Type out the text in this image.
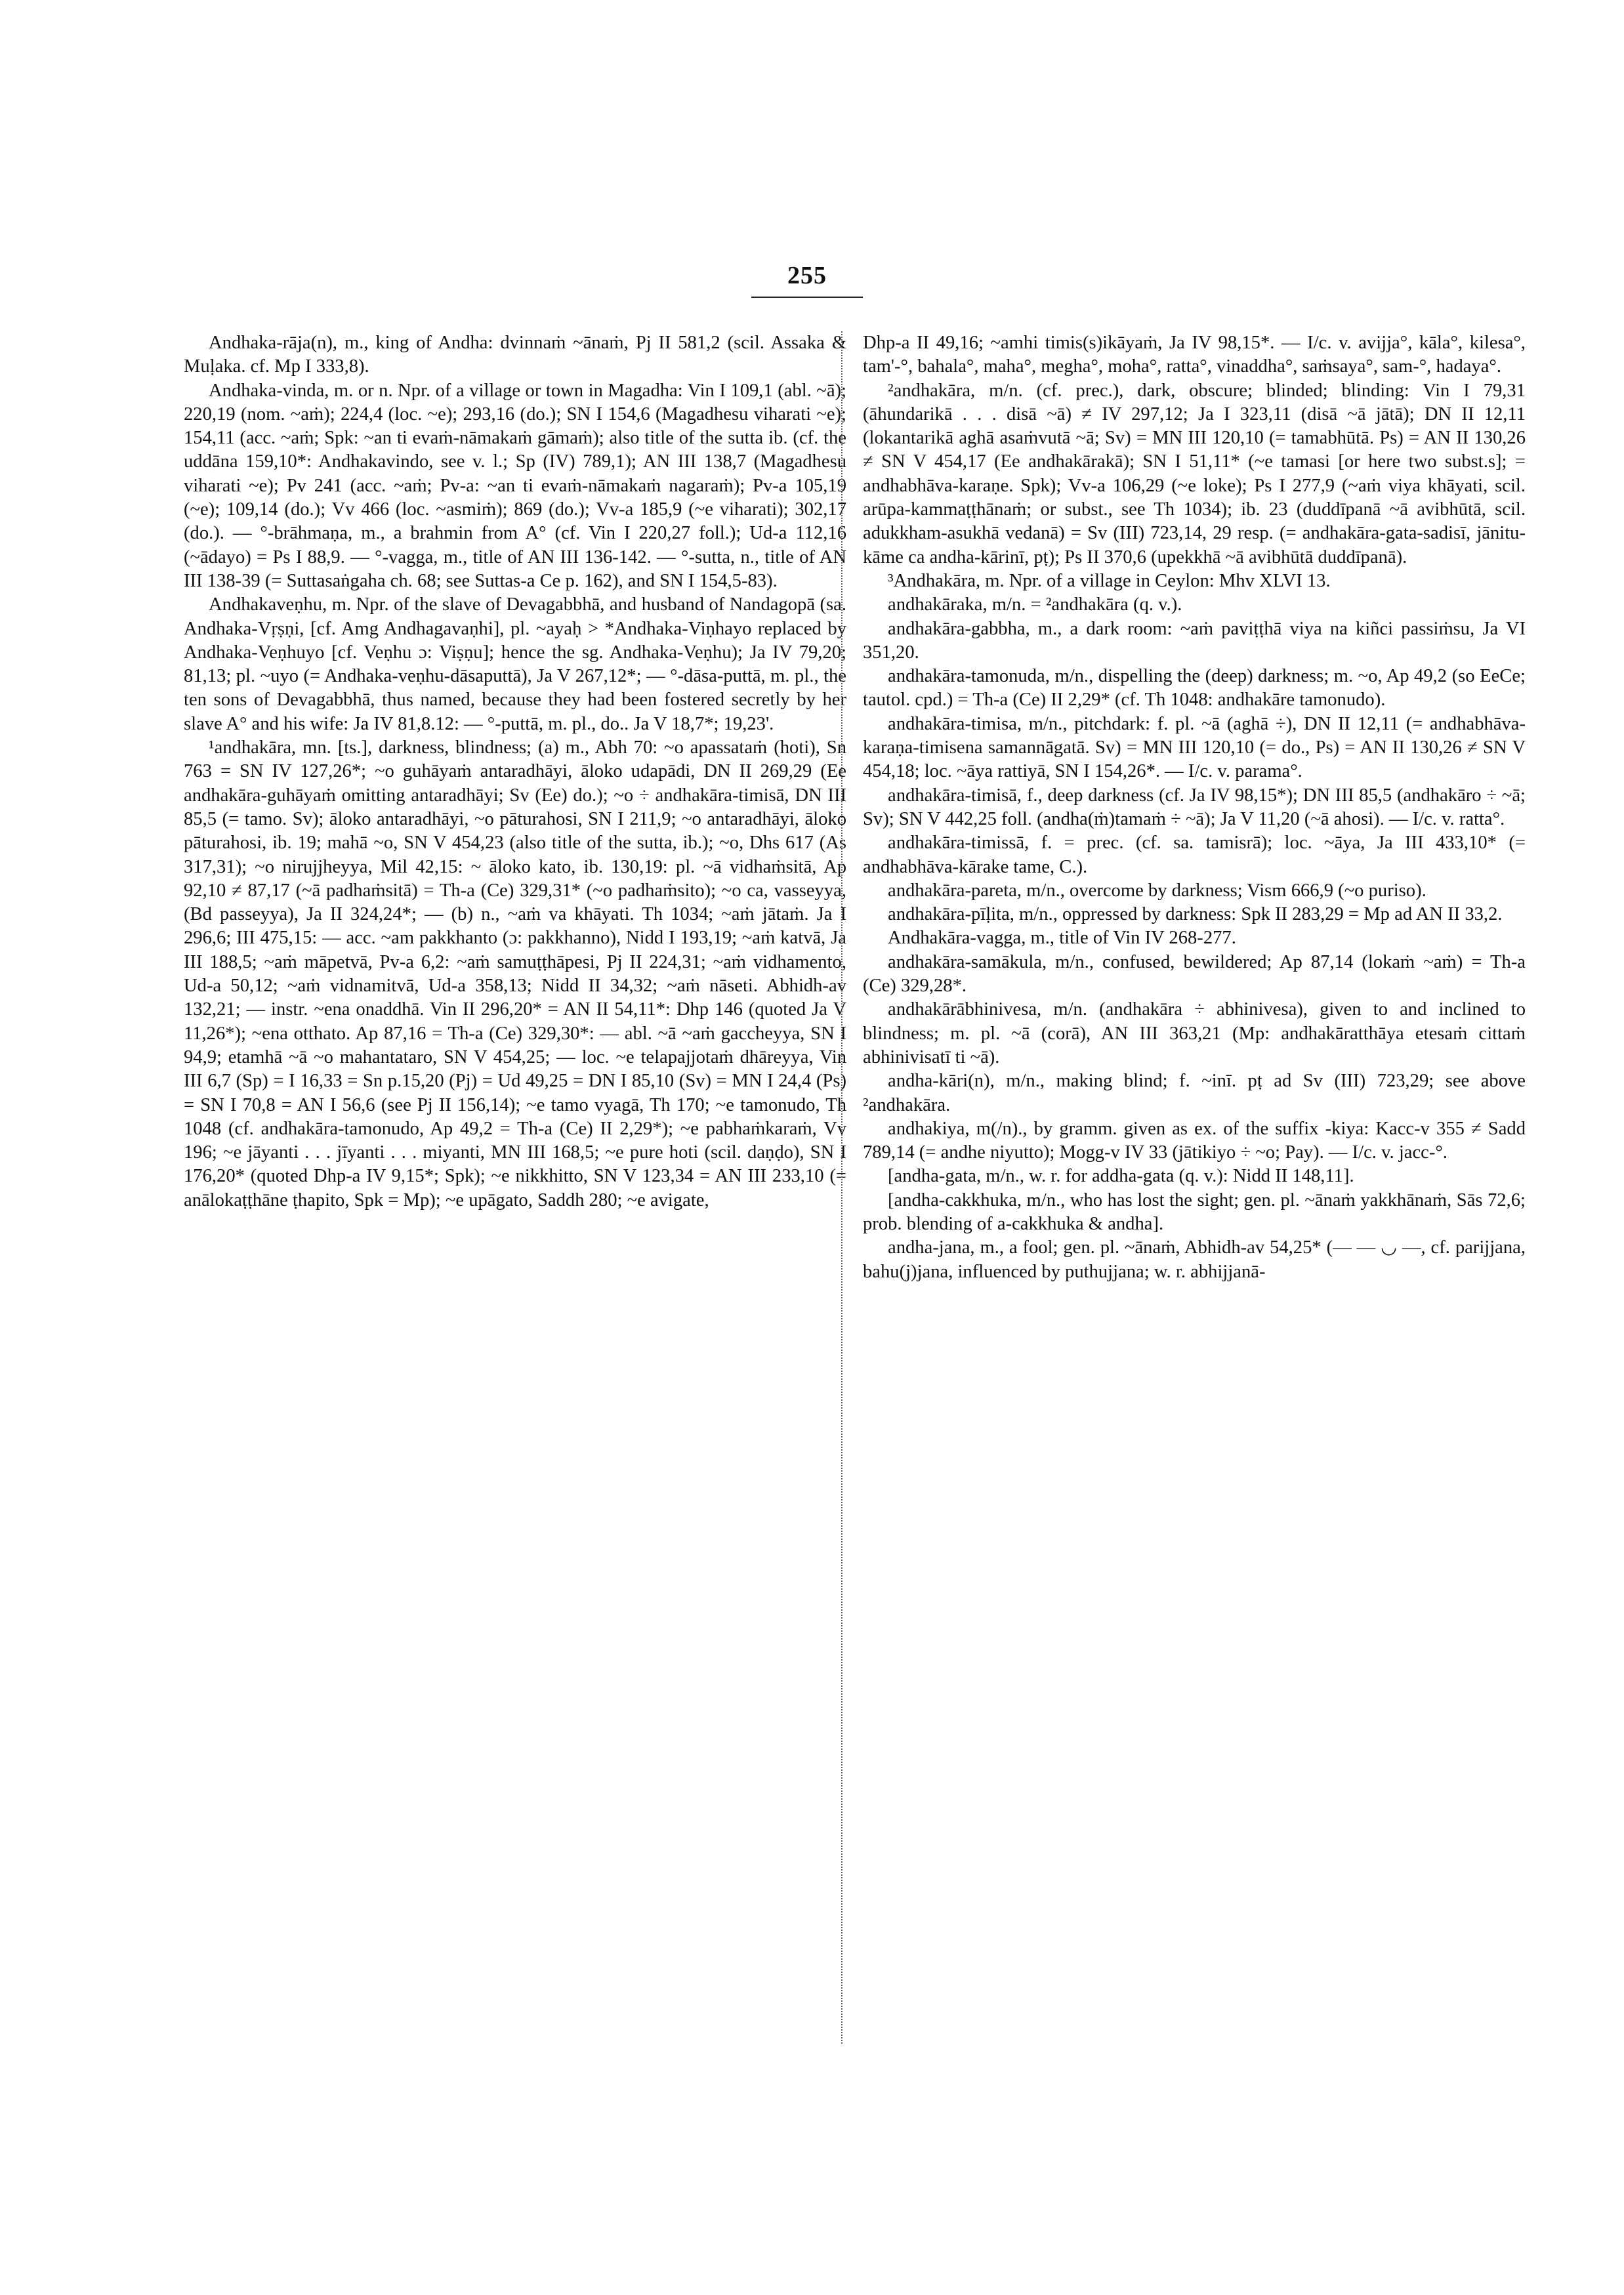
255

Andhaka-rāja(n), m., king of Andha: dvinnaṁ ~ānaṁ, Pj II 581,2 (scil. Assaka & Muḷaka. cf. Mp I 333,8).

Andhaka-vinda, m. or n. Npr. of a village or town in Magadha: Vin I 109,1 (abl. ~ā); 220,19 (nom. ~aṁ); 224,4 (loc. ~e); 293,16 (do.); SN I 154,6 (Magadhesu viharati ~e); 154,11 (acc. ~aṁ; Spk: ~an ti evaṁ-nāmakaṁ gāmaṁ); also title of the sutta ib. (cf. the uddāna 159,10*: Andhakavindo, see v. l.; Sp (IV) 789,1); AN III 138,7 (Magadhesu viharati ~e); Pv 241 (acc. ~aṁ; Pv-a: ~an ti evaṁ-nāmakaṁ nagaraṁ); Pv-a 105,19 (~e); 109,14 (do.); Vv 466 (loc. ~asmiṁ); 869 (do.); Vv-a 185,9 (~e viharati); 302,17 (do.). — °-brāhmaṇa, m., a brahmin from A° (cf. Vin I 220,27 foll.); Ud-a 112,16 (~ādayo) = Ps I 88,9. — °-vagga, m., title of AN III 136-142. — °-sutta, n., title of AN III 138-39 (= Suttasaṅgaha ch. 68; see Suttas-a Ce p. 162), and SN I 154,5-83).

Andhakaveṇhu, m. Npr. of the slave of Devagabbhā, and husband of Nandagopā (sa. Andhaka-Vṛṣṇi, [cf. Amg Andhagavaṇhi], pl. ~ayaḥ > *Andhaka-Viṇhayo replaced by Andhaka-Veṇhuyo [cf. Veṇhu ɔ: Viṣṇu]; hence the sg. Andhaka-Veṇhu); Ja IV 79,20; 81,13; pl. ~uyo (= Andhaka-veṇhu-dāsaputtā), Ja V 267,12*; — °-dāsa-puttā, m. pl., the ten sons of Devagabbhā, thus named, because they had been fostered secretly by her slave A° and his wife: Ja IV 81,8.12: — °-puttā, m. pl., do.. Ja V 18,7*; 19,23'.

¹andhakāra, mn. [ts.], darkness, blindness; (a) m., Abh 70: ~o apassataṁ (hoti), Sn 763 = SN IV 127,26*; ~o guhāyaṁ antaradhāyi, āloko udapādi, DN II 269,29 (Ee andhakāra-guhāyaṁ omitting antaradhāyi; Sv (Ee) do.); ~o ÷ andhakāra-timisā, DN III 85,5 (= tamo. Sv); āloko antaradhāyi, ~o pāturahosi, SN I 211,9; ~o antaradhāyi, āloko pāturahosi, ib. 19; mahā ~o, SN V 454,23 (also title of the sutta, ib.); ~o, Dhs 617 (As 317,31); ~o nirujjheyya, Mil 42,15: ~ āloko kato, ib. 130,19: pl. ~ā vidhaṁsitā, Ap 92,10 ≠ 87,17 (~ā padhaṁsitā) = Th-a (Ce) 329,31* (~o padhaṁsito); ~o ca, vasseyya, (Bd passeyya), Ja II 324,24*; — (b) n., ~aṁ va khāyati. Th 1034; ~aṁ jātaṁ. Ja I 296,6; III 475,15: — acc. ~am pakkhanto (ɔ: pakkhanno), Nidd I 193,19; ~aṁ katvā, Ja III 188,5; ~aṁ māpetvā, Pv-a 6,2: ~aṁ samuṭṭhāpesi, Pj II 224,31; ~aṁ vidhamento, Ud-a 50,12; ~aṁ vidnamitvā, Ud-a 358,13; Nidd II 34,32; ~aṁ nāseti. Abhidh-av 132,21; — instr. ~ena onaddhā. Vin II 296,20* = AN II 54,11*: Dhp 146 (quoted Ja V 11,26*); ~ena otthato. Ap 87,16 = Th-a (Ce) 329,30*: — abl. ~ā ~aṁ gaccheyya, SN I 94,9; etamhā ~ā ~o mahantataro, SN V 454,25; — loc. ~e telapajjotaṁ dhāreyya, Vin III 6,7 (Sp) = I 16,33 = Sn p.15,20 (Pj) = Ud 49,25 = DN I 85,10 (Sv) = MN I 24,4 (Ps) = SN I 70,8 = AN I 56,6 (see Pj II 156,14); ~e tamo vyagā, Th 170; ~e tamonudo, Th 1048 (cf. andhakāra-tamonudo, Ap 49,2 = Th-a (Ce) II 2,29*); ~e pabhaṁkaraṁ, Vv 196; ~e jāyanti . . . jīyanti . . . miyanti, MN III 168,5; ~e pure hoti (scil. daṇḍo), SN I 176,20* (quoted Dhp-a IV 9,15*; Spk); ~e nikkhitto, SN V 123,34 = AN III 233,10 (= anālokaṭṭhāne ṭhapito, Spk = Mp); ~e upāgato, Saddh 280; ~e avigate,

Dhp-a II 49,16; ~amhi timis(s)ikāyaṁ, Ja IV 98,15*. — I/c. v. avijja°, kāla°, kilesa°, tam'-°, bahala°, maha°, megha°, moha°, ratta°, vinaddha°, saṁsaya°, sam-°, hadaya°.

²andhakāra, m/n. (cf. prec.), dark, obscure; blinded; blinding: Vin I 79,31 (āhundarikā . . . disā ~ā) ≠ IV 297,12; Ja I 323,11 (disā ~ā jātā); DN II 12,11 (lokantarikā aghā asaṁvutā ~ā; Sv) = MN III 120,10 (= tamabhūtā. Ps) = AN II 130,26 ≠ SN V 454,17 (Ee andhakārakā); SN I 51,11* (~e tamasi [or here two subst.s]; = andhabhāva-karaṇe. Spk); Vv-a 106,29 (~e loke); Ps I 277,9 (~aṁ viya khāyati, scil. arūpa-kammaṭṭhānaṁ; or subst., see Th 1034); ib. 23 (duddīpanā ~ā avibhūtā, scil. adukkham-asukhā vedanā) = Sv (III) 723,14, 29 resp. (= andhakāra-gata-sadisī, jānitu-kāme ca andha-kārinī, pṭ); Ps II 370,6 (upekkhā ~ā avibhūtā duddīpanā).

³Andhakāra, m. Npr. of a village in Ceylon: Mhv XLVI 13.

andhakāraka, m/n. = ²andhakāra (q. v.).

andhakāra-gabbha, m., a dark room: ~aṁ paviṭṭhā viya na kiñci passiṁsu, Ja VI 351,20.

andhakāra-tamonuda, m/n., dispelling the (deep) darkness; m. ~o, Ap 49,2 (so EeCe; tautol. cpd.) = Th-a (Ce) II 2,29* (cf. Th 1048: andhakāre tamonudo).

andhakāra-timisa, m/n., pitchdark: f. pl. ~ā (aghā ÷), DN II 12,11 (= andhabhāva-karaṇa-timisena samannāgatā. Sv) = MN III 120,10 (= do., Ps) = AN II 130,26 ≠ SN V 454,18; loc. ~āya rattiyā, SN I 154,26*. — I/c. v. parama°.

andhakāra-timisā, f., deep darkness (cf. Ja IV 98,15*); DN III 85,5 (andhakāro ÷ ~ā; Sv); SN V 442,25 foll. (andha(ṁ)tamaṁ ÷ ~ā); Ja V 11,20 (~ā ahosi). — I/c. v. ratta°.

andhakāra-timissā, f. = prec. (cf. sa. tamisrā); loc. ~āya, Ja III 433,10* (= andhabhāva-kārake tame, C.).

andhakāra-pareta, m/n., overcome by darkness; Vism 666,9 (~o puriso).

andhakāra-pīḷita, m/n., oppressed by darkness: Spk II 283,29 = Mp ad AN II 33,2.

Andhakāra-vagga, m., title of Vin IV 268-277.

andhakāra-samākula, m/n., confused, bewildered; Ap 87,14 (lokaṁ ~aṁ) = Th-a (Ce) 329,28*.

andhakārābhinivesa, m/n. (andhakāra ÷ abhinivesa), given to and inclined to blindness; m. pl. ~ā (corā), AN III 363,21 (Mp: andhakāratthāya etesaṁ cittaṁ abhinivisatī ti ~ā).

andha-kāri(n), m/n., making blind; f. ~inī. pṭ ad Sv (III) 723,29; see above ²andhakāra.

andhakiya, m(/n)., by gramm. given as ex. of the suffix -kiya: Kacc-v 355 ≠ Sadd 789,14 (= andhe niyutto); Mogg-v IV 33 (jātikiyo ÷ ~o; Pay). — I/c. v. jacc-°.

[andha-gata, m/n., w. r. for addha-gata (q. v.): Nidd II 148,11].

[andha-cakkhuka, m/n., who has lost the sight; gen. pl. ~ānaṁ yakkhānaṁ, Sās 72,6; prob. blending of a-cakkhuka & andha].

andha-jana, m., a fool; gen. pl. ~ānaṁ, Abhidh-av 54,25* (— — ◡ —, cf. parijjana, bahu(j)jana, influenced by puthujjana; w. r. abhijjanā-
